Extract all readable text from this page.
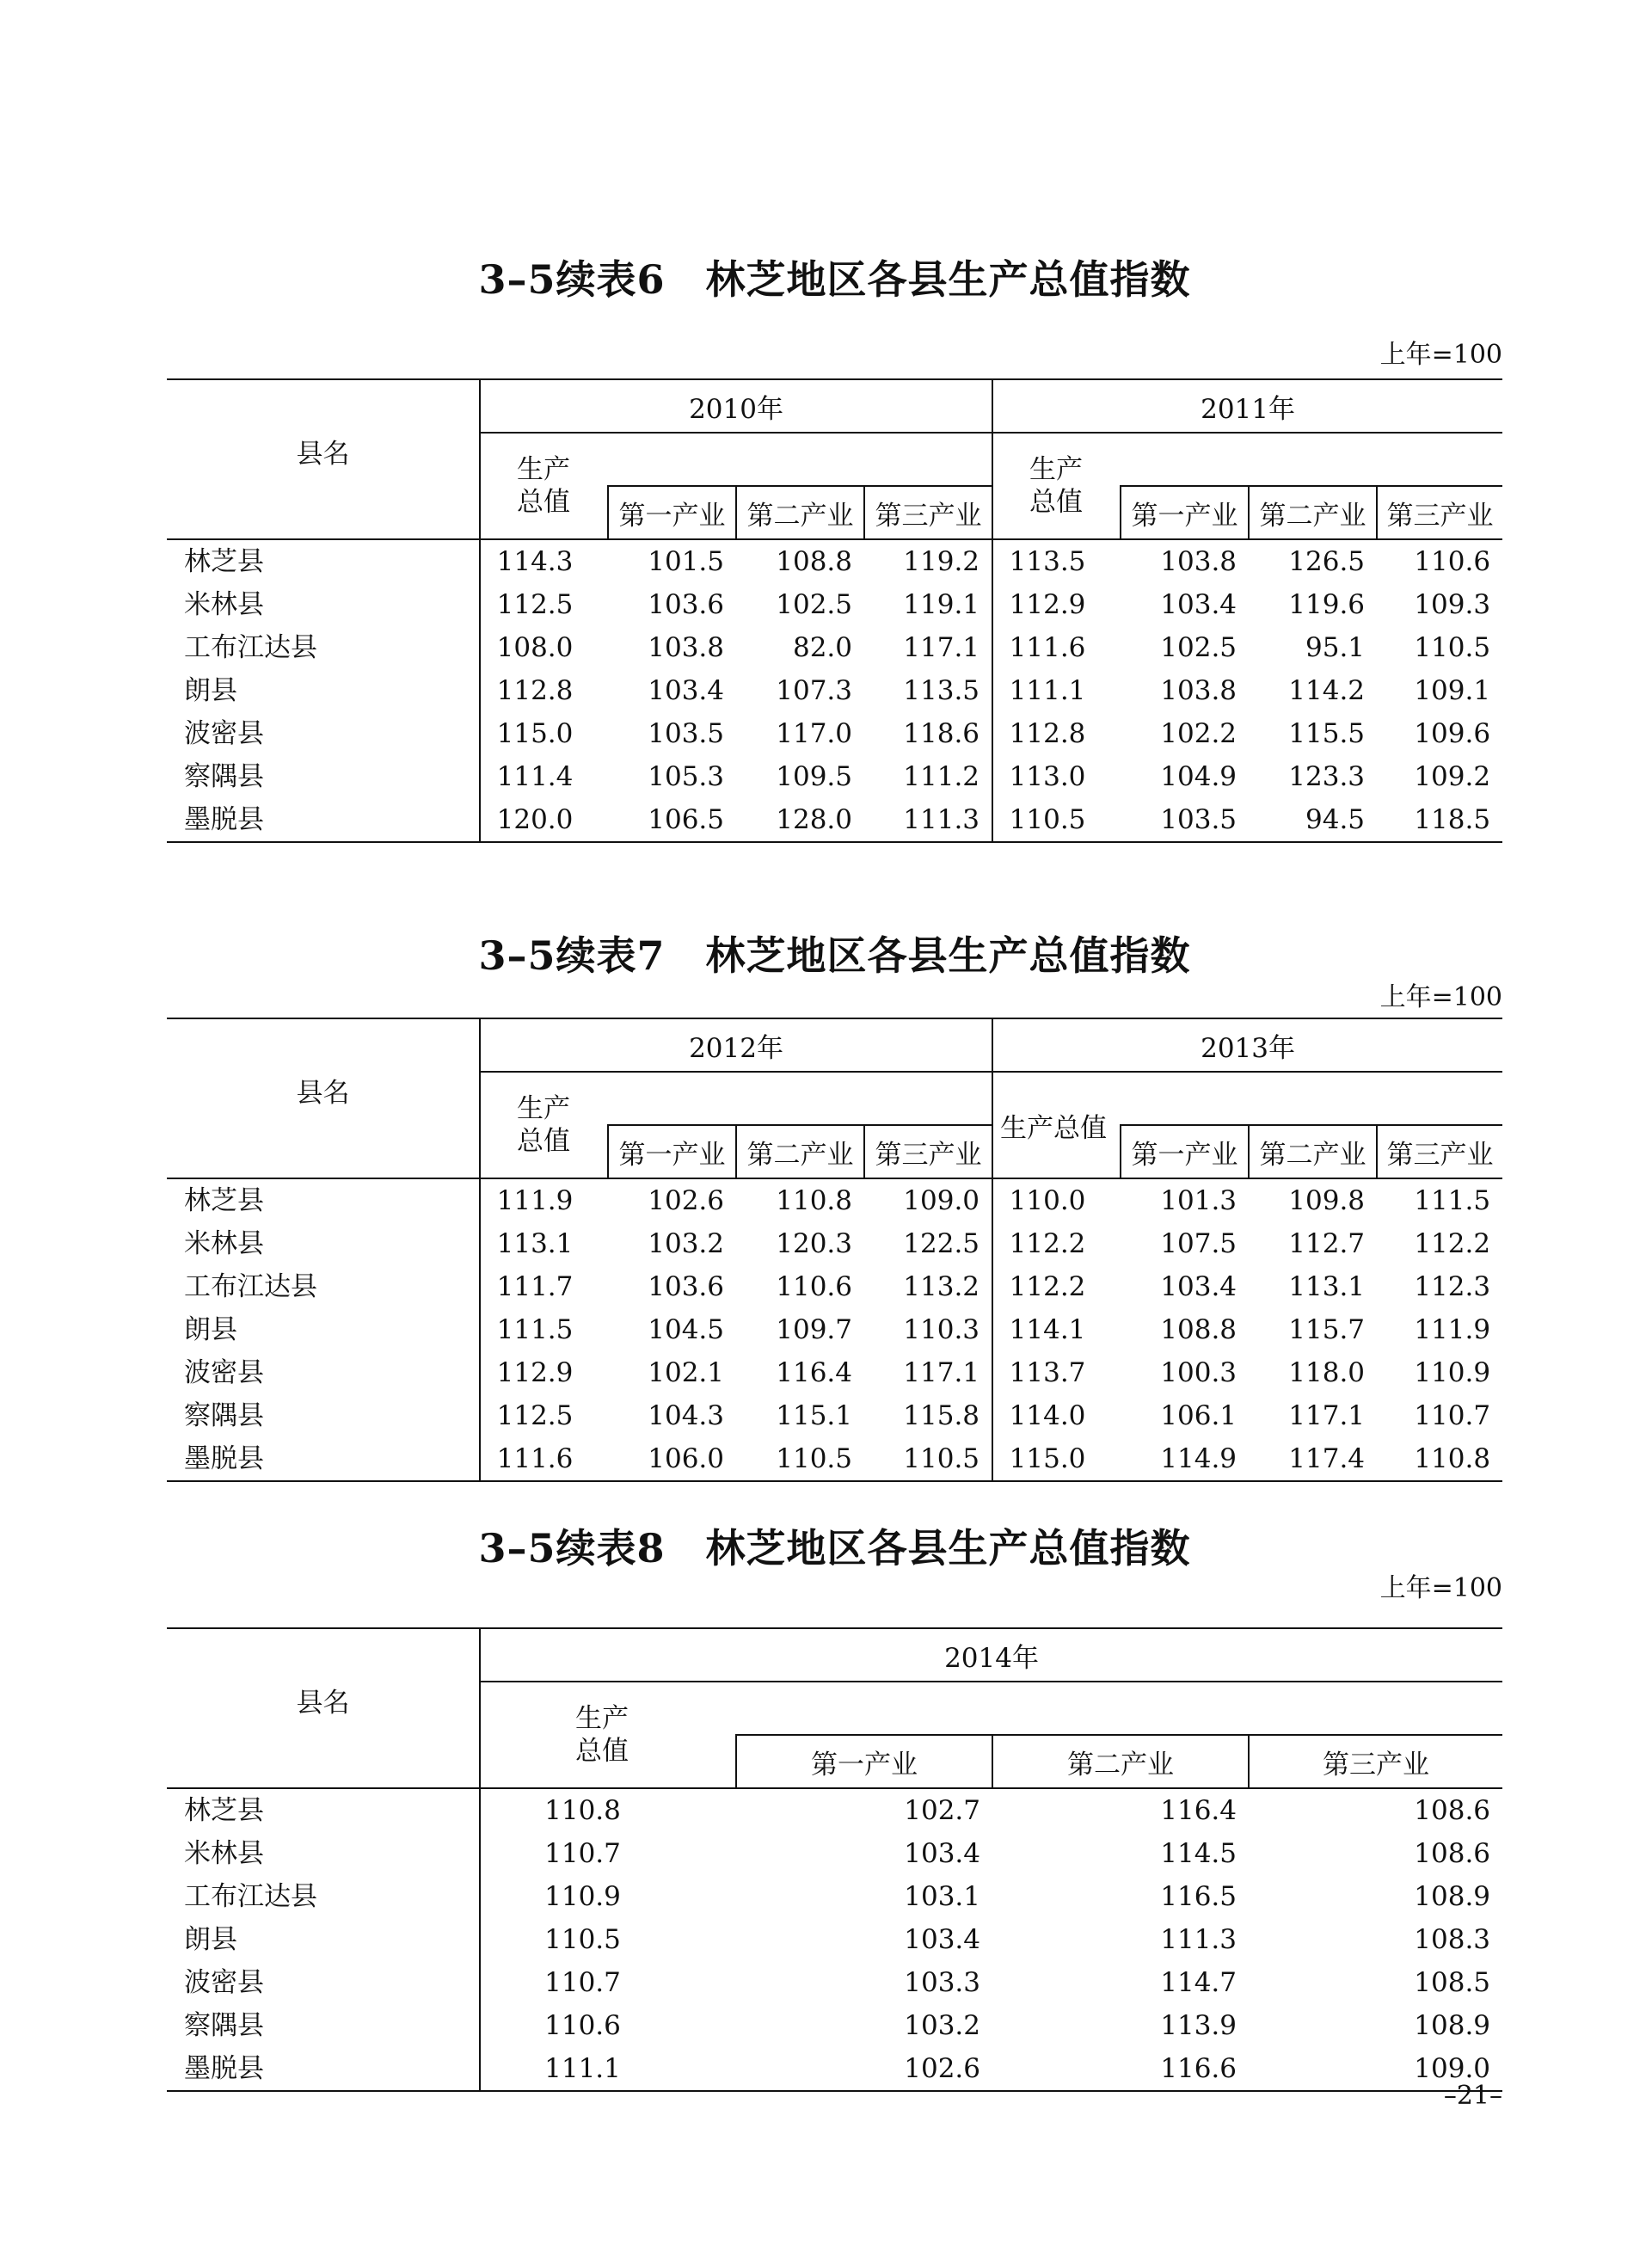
3–5续表6　林芝地区各县生产总值指数
上年=100
县名	2010年				2011年			
	生产
总值				生产
总值			
		第一产业	第二产业	第三产业		第一产业	第二产业	第三产业
林芝县	114.3	101.5	108.8	119.2	113.5	103.8	126.5	110.6
米林县	112.5	103.6	102.5	119.1	112.9	103.4	119.6	109.3
工布江达县	108.0	103.8	82.0	117.1	111.6	102.5	95.1	110.5
朗县	112.8	103.4	107.3	113.5	111.1	103.8	114.2	109.1
波密县	115.0	103.5	117.0	118.6	112.8	102.2	115.5	109.6
察隅县	111.4	105.3	109.5	111.2	113.0	104.9	123.3	109.2
墨脱县	120.0	106.5	128.0	111.3	110.5	103.5	94.5	118.5
3–5续表7　林芝地区各县生产总值指数
上年=100
县名	2012年				2013年			
	生产
总值				生产总值			
		第一产业	第二产业	第三产业		第一产业	第二产业	第三产业
林芝县	111.9	102.6	110.8	109.0	110.0	101.3	109.8	111.5
米林县	113.1	103.2	120.3	122.5	112.2	107.5	112.7	112.2
工布江达县	111.7	103.6	110.6	113.2	112.2	103.4	113.1	112.3
朗县	111.5	104.5	109.7	110.3	114.1	108.8	115.7	111.9
波密县	112.9	102.1	116.4	117.1	113.7	100.3	118.0	110.9
察隅县	112.5	104.3	115.1	115.8	114.0	106.1	117.1	110.7
墨脱县	111.6	106.0	110.5	110.5	115.0	114.9	117.4	110.8
3–5续表8　林芝地区各县生产总值指数
上年=100
县名	2014年			
	生产
总值			
		第一产业	第二产业	第三产业
林芝县	110.8	102.7	116.4	108.6
米林县	110.7	103.4	114.5	108.6
工布江达县	110.9	103.1	116.5	108.9
朗县	110.5	103.4	111.3	108.3
波密县	110.7	103.3	114.7	108.5
察隅县	110.6	103.2	113.9	108.9
墨脱县	111.1	102.6	116.6	109.0
–21–
